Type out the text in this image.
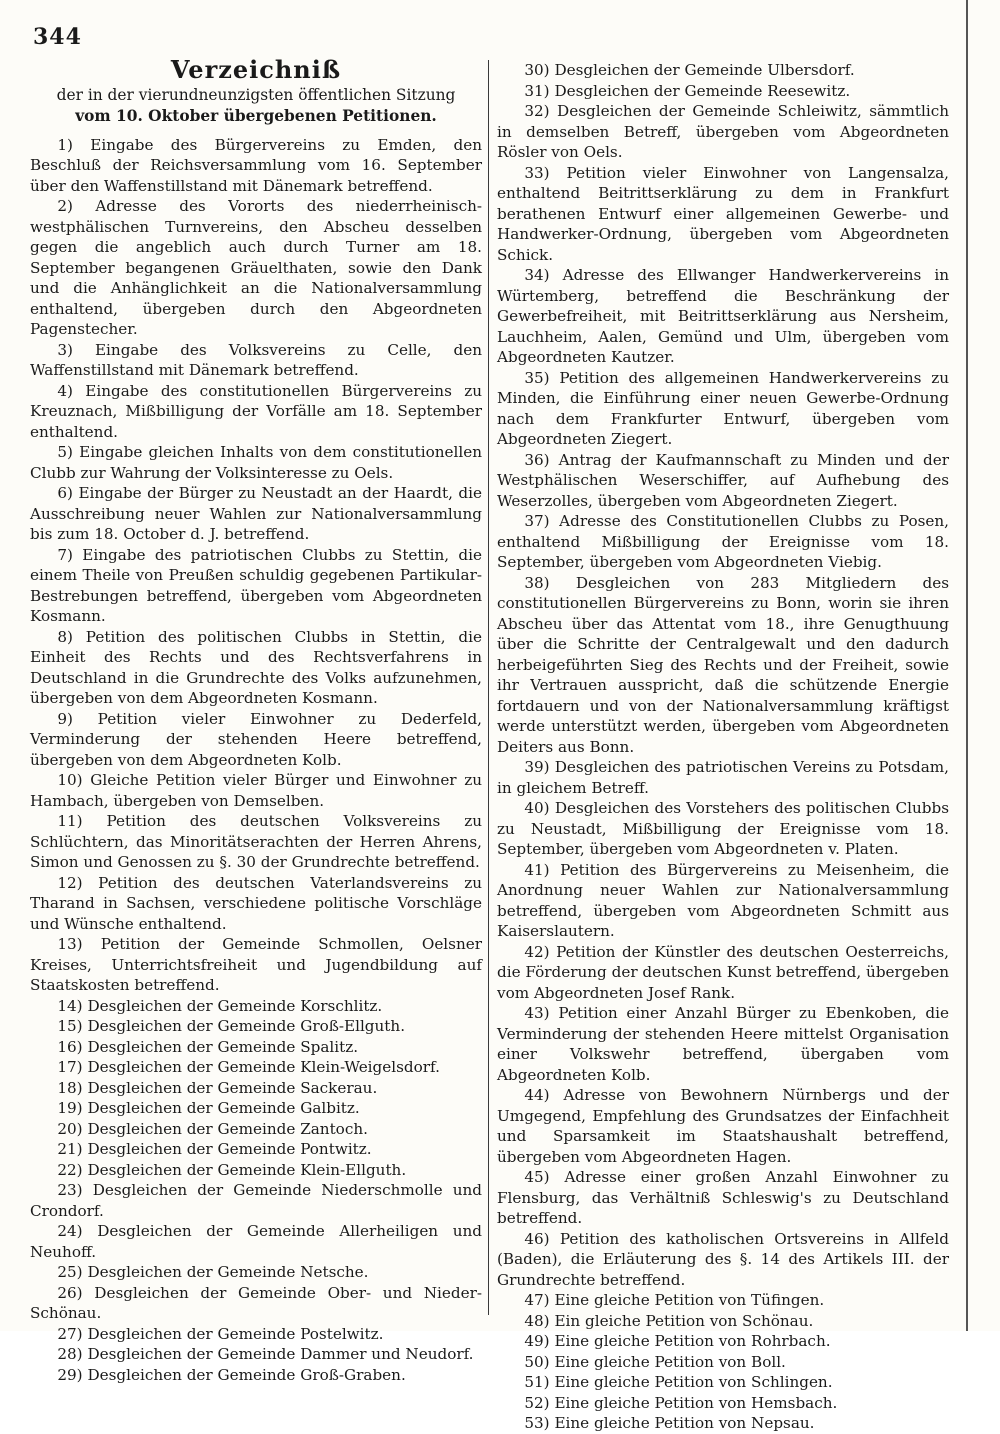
344

Verzeichniß

der in der vierundneunzigsten öffentlichen Sitzung

vom 10. Oktober übergebenen Petitionen.

1) Eingabe des Bürgervereins zu Emden, den Beschluß der Reichsversammlung vom 16. September über den Waffenstillstand mit Dänemark betreffend.

2) Adresse des Vororts des niederrheinisch-westphälischen Turnvereins, den Abscheu desselben gegen die angeblich auch durch Turner am 18. September begangenen Gräuelthaten, sowie den Dank und die Anhänglichkeit an die Nationalversammlung enthaltend, übergeben durch den Abgeordneten Pagenstecher.

3) Eingabe des Volksvereins zu Celle, den Waffenstillstand mit Dänemark betreffend.

4) Eingabe des constitutionellen Bürgervereins zu Kreuznach, Mißbilligung der Vorfälle am 18. September enthaltend.

5) Eingabe gleichen Inhalts von dem constitutionellen Clubb zur Wahrung der Volksinteresse zu Oels.

6) Eingabe der Bürger zu Neustadt an der Haardt, die Ausschreibung neuer Wahlen zur Nationalversammlung bis zum 18. October d. J. betreffend.

7) Eingabe des patriotischen Clubbs zu Stettin, die einem Theile von Preußen schuldig gegebenen Partikular-Bestrebungen betreffend, übergeben vom Abgeordneten Kosmann.

8) Petition des politischen Clubbs in Stettin, die Einheit des Rechts und des Rechtsverfahrens in Deutschland in die Grundrechte des Volks aufzunehmen, übergeben von dem Abgeordneten Kosmann.

9) Petition vieler Einwohner zu Dederfeld, Verminderung der stehenden Heere betreffend, übergeben von dem Abgeordneten Kolb.

10) Gleiche Petition vieler Bürger und Einwohner zu Hambach, übergeben von Demselben.

11) Petition des deutschen Volksvereins zu Schlüchtern, das Minoritätserachten der Herren Ahrens, Simon und Genossen zu §. 30 der Grundrechte betreffend.

12) Petition des deutschen Vaterlandsvereins zu Tharand in Sachsen, verschiedene politische Vorschläge und Wünsche enthaltend.

13) Petition der Gemeinde Schmollen, Oelsner Kreises, Unterrichtsfreiheit und Jugendbildung auf Staatskosten betreffend.

14) Desgleichen der Gemeinde Korschlitz.

15) Desgleichen der Gemeinde Groß-Ellguth.

16) Desgleichen der Gemeinde Spalitz.

17) Desgleichen der Gemeinde Klein-Weigelsdorf.

18) Desgleichen der Gemeinde Sackerau.

19) Desgleichen der Gemeinde Galbitz.

20) Desgleichen der Gemeinde Zantoch.

21) Desgleichen der Gemeinde Pontwitz.

22) Desgleichen der Gemeinde Klein-Ellguth.

23) Desgleichen der Gemeinde Niederschmolle und Crondorf.

24) Desgleichen der Gemeinde Allerheiligen und Neuhoff.

25) Desgleichen der Gemeinde Netsche.

26) Desgleichen der Gemeinde Ober- und Nieder-Schönau.

27) Desgleichen der Gemeinde Postelwitz.

28) Desgleichen der Gemeinde Dammer und Neudorf.

29) Desgleichen der Gemeinde Groß-Graben.

30) Desgleichen der Gemeinde Ulbersdorf.

31) Desgleichen der Gemeinde Reesewitz.

32) Desgleichen der Gemeinde Schleiwitz, sämmtlich in demselben Betreff, übergeben vom Abgeordneten Rösler von Oels.

33) Petition vieler Einwohner von Langensalza, enthaltend Beitrittserklärung zu dem in Frankfurt berathenen Entwurf einer allgemeinen Gewerbe- und Handwerker-Ordnung, übergeben vom Abgeordneten Schick.

34) Adresse des Ellwanger Handwerkervereins in Würtemberg, betreffend die Beschränkung der Gewerbefreiheit, mit Beitrittserklärung aus Nersheim, Lauchheim, Aalen, Gemünd und Ulm, übergeben vom Abgeordneten Kautzer.

35) Petition des allgemeinen Handwerkervereins zu Minden, die Einführung einer neuen Gewerbe-Ordnung nach dem Frankfurter Entwurf, übergeben vom Abgeordneten Ziegert.

36) Antrag der Kaufmannschaft zu Minden und der Westphälischen Weserschiffer, auf Aufhebung des Weserzolles, übergeben vom Abgeordneten Ziegert.

37) Adresse des Constitutionellen Clubbs zu Posen, enthaltend Mißbilligung der Ereignisse vom 18. September, übergeben vom Abgeordneten Viebig.

38) Desgleichen von 283 Mitgliedern des constitutionellen Bürgervereins zu Bonn, worin sie ihren Abscheu über das Attentat vom 18., ihre Genugthuung über die Schritte der Centralgewalt und den dadurch herbeigeführten Sieg des Rechts und der Freiheit, sowie ihr Vertrauen ausspricht, daß die schützende Energie fortdauern und von der Nationalversammlung kräftigst werde unterstützt werden, übergeben vom Abgeordneten Deiters aus Bonn.

39) Desgleichen des patriotischen Vereins zu Potsdam, in gleichem Betreff.

40) Desgleichen des Vorstehers des politischen Clubbs zu Neustadt, Mißbilligung der Ereignisse vom 18. September, übergeben vom Abgeordneten v. Platen.

41) Petition des Bürgervereins zu Meisenheim, die Anordnung neuer Wahlen zur Nationalversammlung betreffend, übergeben vom Abgeordneten Schmitt aus Kaiserslautern.

42) Petition der Künstler des deutschen Oesterreichs, die Förderung der deutschen Kunst betreffend, übergeben vom Abgeordneten Josef Rank.

43) Petition einer Anzahl Bürger zu Ebenkoben, die Verminderung der stehenden Heere mittelst Organisation einer Volkswehr betreffend, übergaben vom Abgeordneten Kolb.

44) Adresse von Bewohnern Nürnbergs und der Umgegend, Empfehlung des Grundsatzes der Einfachheit und Sparsamkeit im Staatshaushalt betreffend, übergeben vom Abgeordneten Hagen.

45) Adresse einer großen Anzahl Einwohner zu Flensburg, das Verhältniß Schleswig's zu Deutschland betreffend.

46) Petition des katholischen Ortsvereins in Allfeld (Baden), die Erläuterung des §. 14 des Artikels III. der Grundrechte betreffend.

47) Eine gleiche Petition von Tüfingen.

48) Ein gleiche Petition von Schönau.

49) Eine gleiche Petition von Rohrbach.

50) Eine gleiche Petition von Boll.

51) Eine gleiche Petition von Schlingen.

52) Eine gleiche Petition von Hemsbach.

53) Eine gleiche Petition von Nepsau.
